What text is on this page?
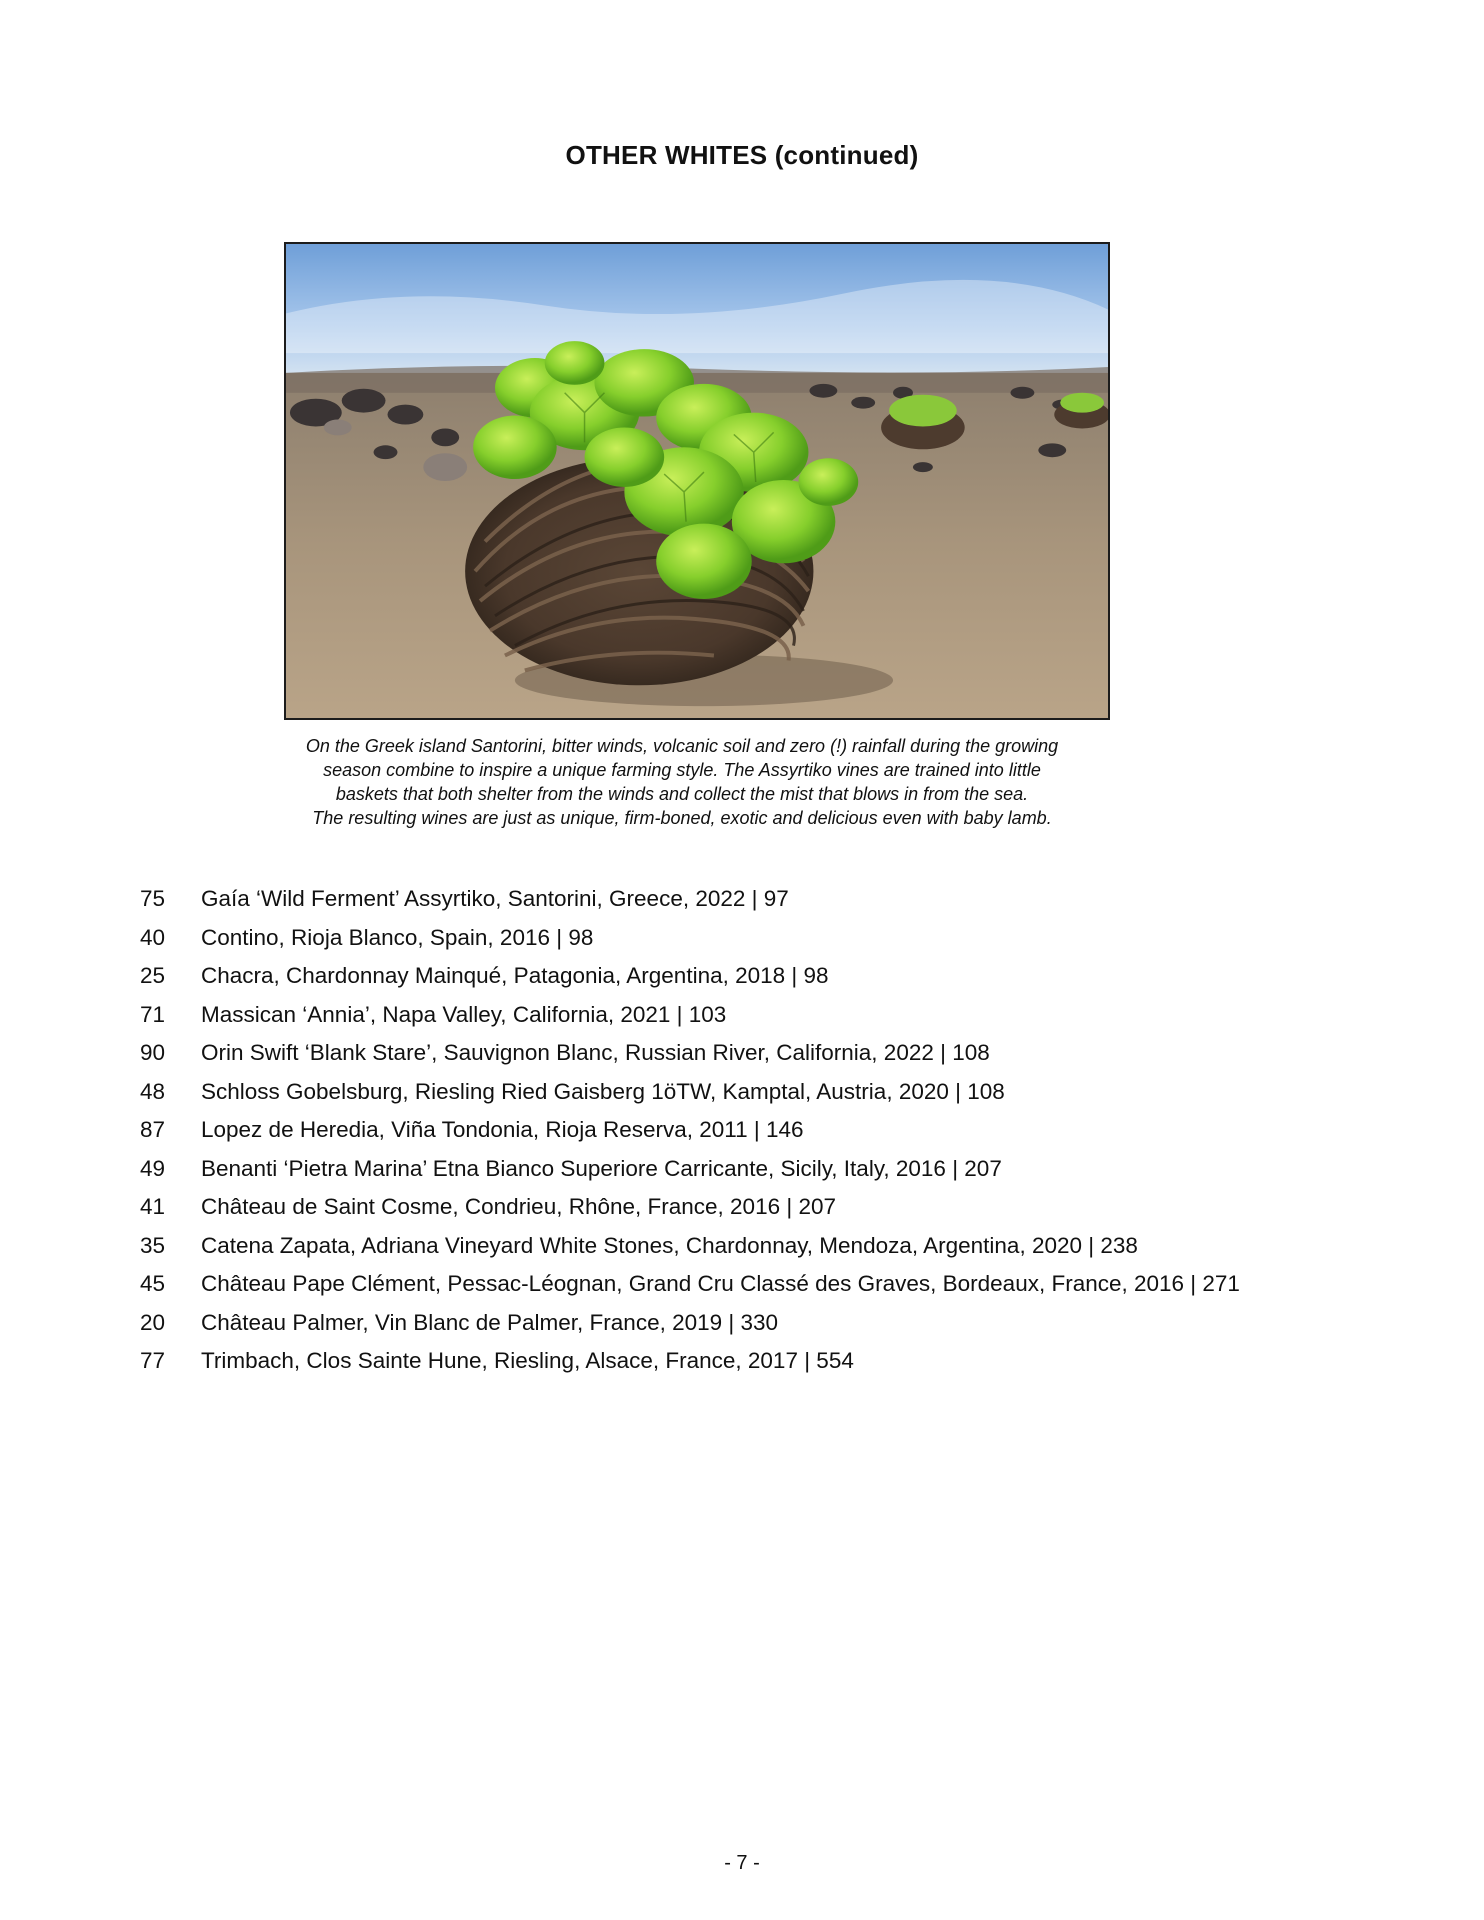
OTHER WHITES (continued)
On the Greek island Santorini, bitter winds, volcanic soil and zero (!) rainfall during the growing
season combine to inspire a unique farming style. The Assyrtiko vines are trained into little
baskets that both shelter from the winds and collect the mist that blows in from the sea.
The resulting wines are just as unique, firm-boned, exotic and delicious even with baby lamb.
75	Gaía ‘Wild Ferment’ Assyrtiko, Santorini, Greece, 2022 | 97
40	Contino, Rioja Blanco, Spain, 2016 | 98
25	Chacra, Chardonnay Mainqué, Patagonia, Argentina, 2018 | 98
71	Massican ‘Annia’, Napa Valley, California, 2021 | 103
90	Orin Swift ‘Blank Stare’, Sauvignon Blanc, Russian River, California, 2022 | 108
48	Schloss Gobelsburg, Riesling Ried Gaisberg 1öTW, Kamptal, Austria, 2020 | 108
87	Lopez de Heredia, Viña Tondonia, Rioja Reserva, 2011 | 146
49	Benanti ‘Pietra Marina’ Etna Bianco Superiore Carricante, Sicily, Italy, 2016 | 207
41	Château de Saint Cosme, Condrieu, Rhône, France, 2016 | 207
35	Catena Zapata, Adriana Vineyard White Stones, Chardonnay, Mendoza, Argentina, 2020 | 238
45	Château Pape Clément, Pessac-Léognan, Grand Cru Classé des Graves, Bordeaux, France, 2016 | 271
20	Château Palmer, Vin Blanc de Palmer, France, 2019 | 330
77	Trimbach, Clos Sainte Hune, Riesling, Alsace, France, 2017 | 554
- 7 -
